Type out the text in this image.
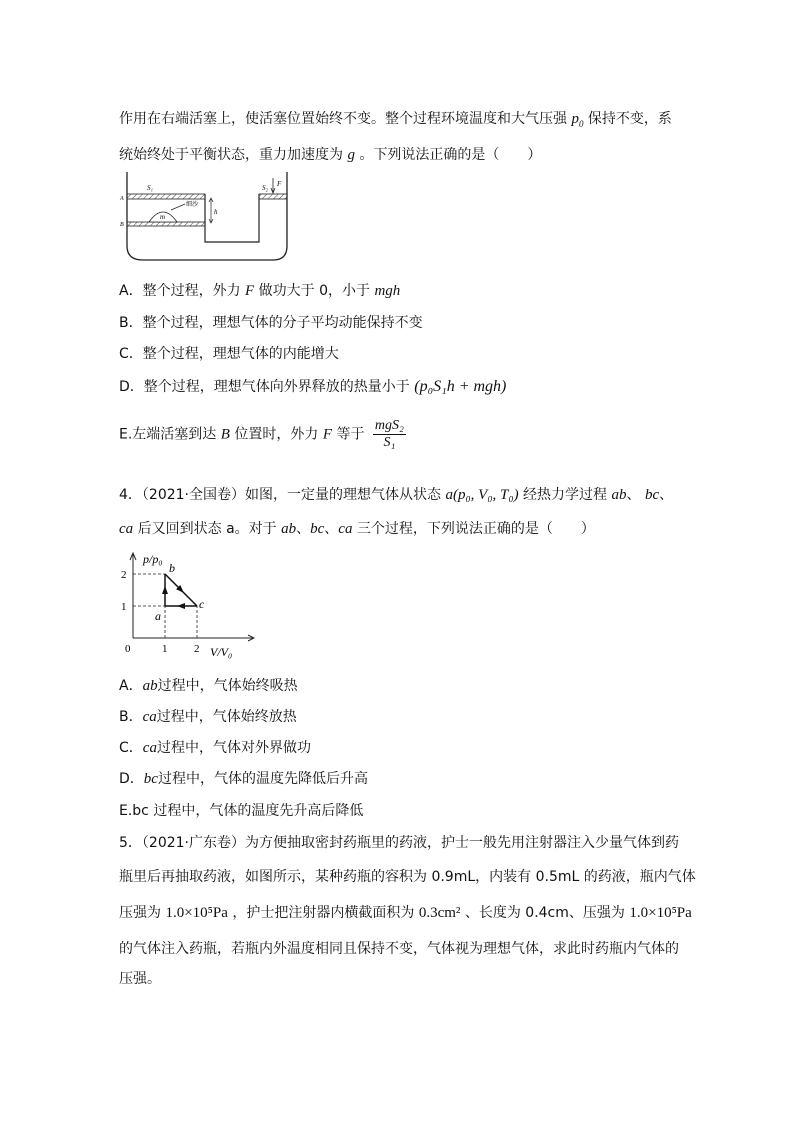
作用在右端活塞上，使活塞位置始终不变。整个过程环境温度和大气压强 $p_0$ 保持不变，系
统始终处于平衡状态，重力加速度为 g 。下列说法正确的是（　　）
S₁	S₂ F
A
B
h
m
细沙
A．整个过程，外力 F 做功大于 0，小于 mgh
B．整个过程，理想气体的分子平均动能保持不变
C．整个过程，理想气体的内能增大
D．整个过程，理想气体向外界释放的热量小于 (p₀S₁h + mgh)
E.左端活塞到达 B 位置时，外力 F 等于 $\frac{\text{mgS₂}}{\text{S₁}}$
4．（2021·全国卷）如图，一定量的理想气体从状态 a(p₀, V₀, T₀) 经热力学过程 ab、 bc、
ca 后又回到状态 a。对于 ab、bc、ca 三个过程，下列说法正确的是（　　）
a
b
c
0	1 2
1
2
p/p₀
V/V₀
A．ab过程中，气体始终吸热
B．ca过程中，气体始终放热
C．ca过程中，气体对外界做功
D．bc过程中，气体的温度先降低后升高
E.bc 过程中，气体的温度先升高后降低
5．（2021·广东卷）为方便抽取密封药瓶里的药液，护士一般先用注射器注入少量气体到药
瓶里后再抽取药液，如图所示，某种药瓶的容积为 0.9mL，内装有 0.5mL 的药液，瓶内气体
压强为 1.0×10⁵Pa ，护士把注射器内横截面积为 0.3cm² 、长度为 0.4cm、压强为 1.0×10⁵Pa
的气体注入药瓶，若瓶内外温度相同且保持不变，气体视为理想气体，求此时药瓶内气体的
压强。
